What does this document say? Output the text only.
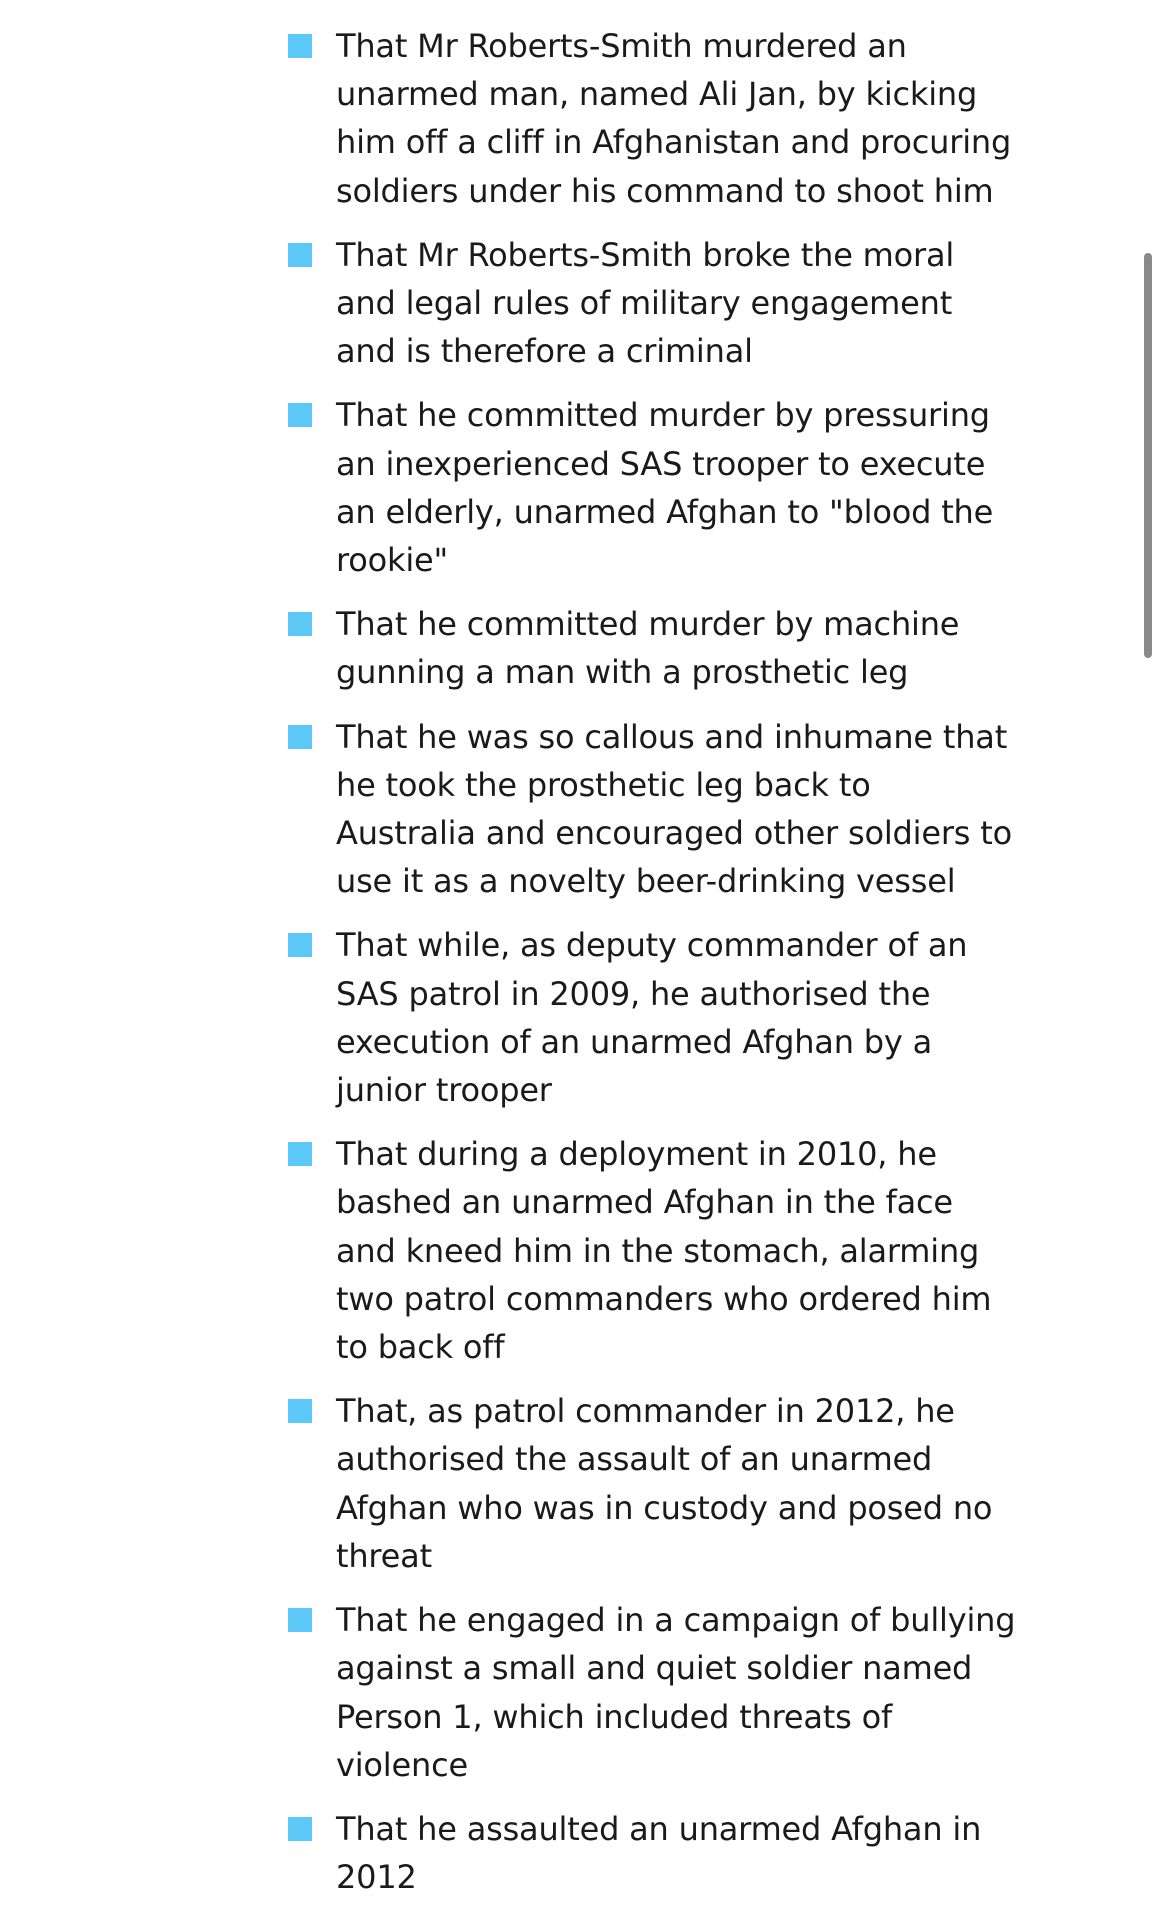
That Mr Roberts-Smith murdered an unarmed man, named Ali Jan, by kicking him off a cliff in Afghanistan and procuring soldiers under his command to shoot him
That Mr Roberts-Smith broke the moral and legal rules of military engagement and is therefore a criminal
That he committed murder by pressuring an inexperienced SAS trooper to execute an elderly, unarmed Afghan to "blood the rookie"
That he committed murder by machine gunning a man with a prosthetic leg
That he was so callous and inhumane that he took the prosthetic leg back to Australia and encouraged other soldiers to use it as a novelty beer-drinking vessel
That while, as deputy commander of an SAS patrol in 2009, he authorised the execution of an unarmed Afghan by a junior trooper
That during a deployment in 2010, he bashed an unarmed Afghan in the face and kneed him in the stomach, alarming two patrol commanders who ordered him to back off
That, as patrol commander in 2012, he authorised the assault of an unarmed Afghan who was in custody and posed no threat
That he engaged in a campaign of bullying against a small and quiet soldier named Person 1, which included threats of violence
That he assaulted an unarmed Afghan in 2012
